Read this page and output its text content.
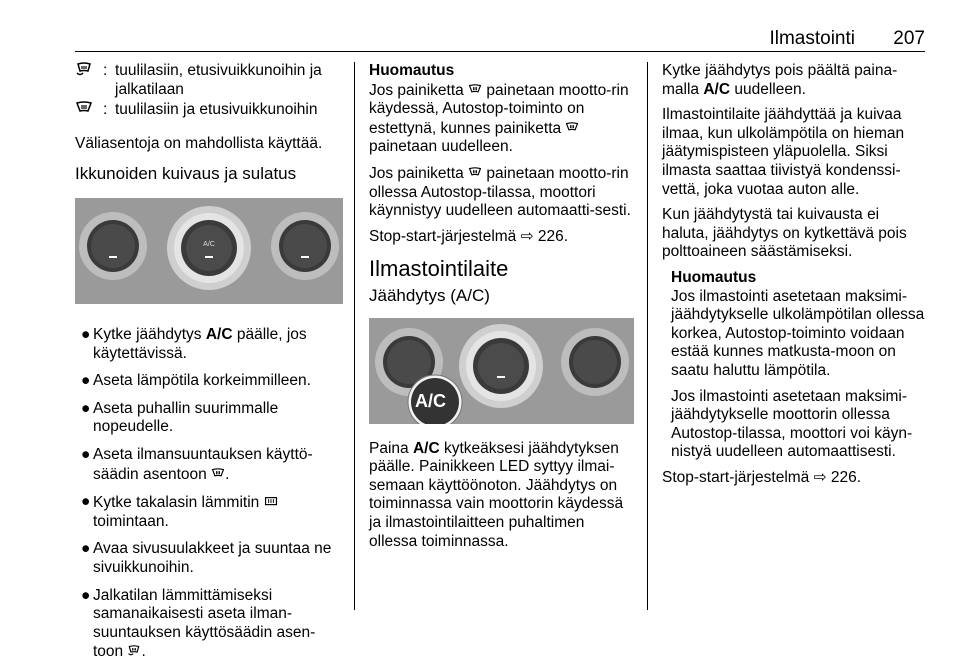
Ilmastointi 207
: tuulilasiin, etusivuikkunoihin ja jalkatilaan
: tuulilasiin ja etusivuikkunoihin

Väliasentoja on mahdollista käyttää.

Ikkunoiden kuivaus ja sulatus
A/C
● Kytke jäähdytys A/C päälle, jos käytettävissä.
● Aseta lämpötila korkeimmilleen.
● Aseta puhallin suurimmalle nopeudelle.
● Aseta ilmansuuntauksen käyttö-säädin asentoon .
● Kytke takalasin lämmitin  toimintaan.
● Avaa sivusuulakkeet ja suuntaa ne sivuikkunoihin.
● Jalkatilan lämmittämiseksi samanaikaisesti aseta ilman-suuntauksen käyttösäädin asen-toon .
Huomautus

Jos painiketta  painetaan mootto-rin käydessä, Autostop-toiminto on estettynä, kunnes painiketta  painetaan uudelleen.

Jos painiketta  painetaan mootto-rin ollessa Autostop-tilassa, moottori käynnistyy uudelleen automaatti-sesti.

Stop-start-järjestelmä ⇨ 226.

Ilmastointilaite
Jäähdytys (A/C)
A/C

Paina A/C kytkeäksesi jäähdytyksen päälle. Painikkeen LED syttyy ilmai-semaan käyttöönoton. Jäähdytys on toiminnassa vain moottorin käydessä ja ilmastointilaitteen puhaltimen ollessa toiminnassa.

Kytke jäähdytys pois päältä paina-malla A/C uudelleen.

Ilmastointilaite jäähdyttää ja kuivaa ilmaa, kun ulkolämpötila on hieman jäätymispisteen yläpuolella. Siksi ilmasta saattaa tiivistyä kondenssi-vettä, joka vuotaa auton alle.

Kun jäähdytystä tai kuivausta ei haluta, jäähdytys on kytkettävä pois polttoaineen säästämiseksi.

Huomautus

Jos ilmastointi asetetaan maksimi-jäähdytykselle ulkolämpötilan ollessa korkea, Autostop-toiminto voidaan estää kunnes matkusta-moon on saatu haluttu lämpötila.

Jos ilmastointi asetetaan maksimi-jäähdytykselle moottorin ollessa Autostop-tilassa, moottori voi käyn-nistyä uudelleen automaattisesti.

Stop-start-järjestelmä ⇨ 226.
